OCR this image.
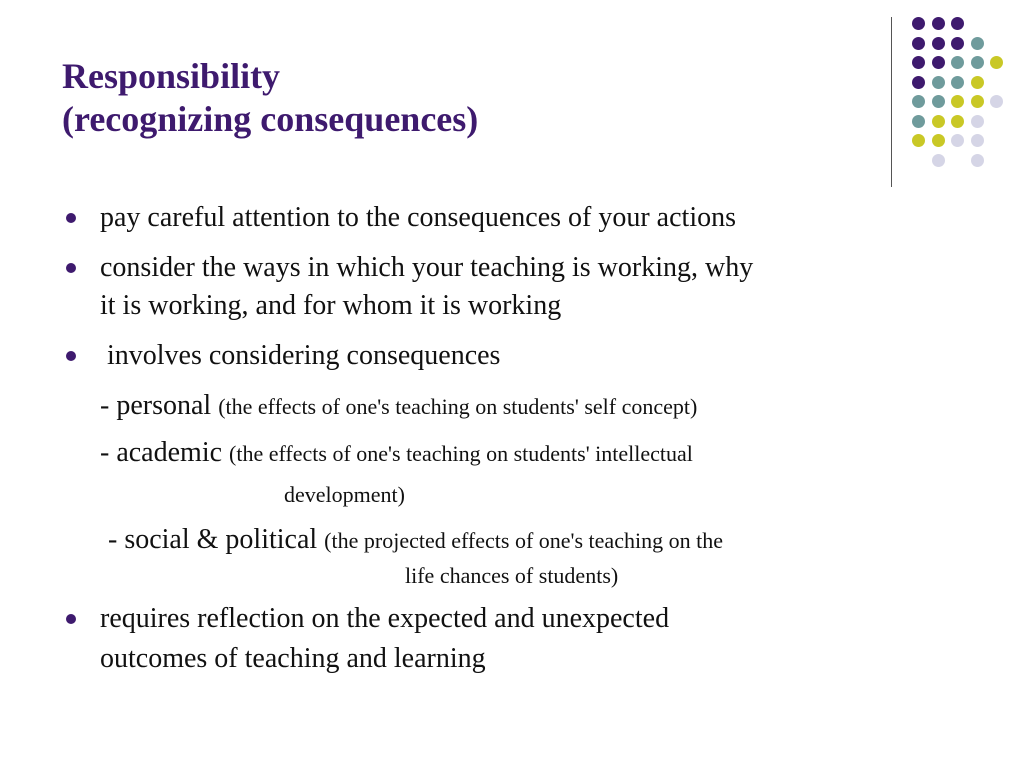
Responsibility
(recognizing consequences)
pay careful attention to the consequences of your actions
consider the ways in which your teaching is working, why
it is working, and for whom it is working
involves considering consequences
- personal (the effects of one's teaching on students' self concept)
- academic (the effects of one's teaching on students' intellectual
development)
- social & political (the projected effects of one's teaching on the
life chances of students)
requires reflection on the expected and unexpected
outcomes of teaching and learning
